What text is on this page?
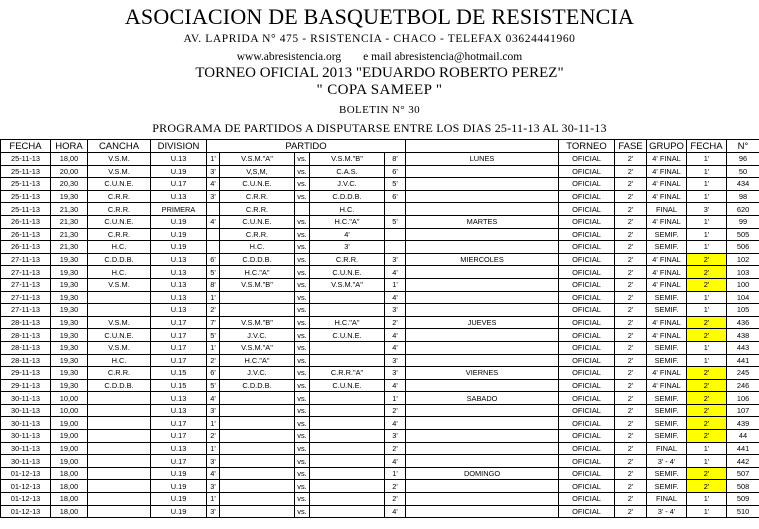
ASOCIACION DE BASQUETBOL DE RESISTENCIA
AV. LAPRIDA N° 475 - RSISTENCIA - CHACO - TELEFAX 03624441960
www.abresistencia.org e mail abresistencia@hotmail.com
TORNEO OFICIAL 2013 "EDUARDO ROBERTO PEREZ"
" COPA SAMEEP "
BOLETIN N° 30
PROGRAMA DE PARTIDOS A DISPUTARSE ENTRE LOS DIAS 25-11-13 AL 30-11-13
FECHA	HORA	CANCHA	DIVISION	PARTIDO						TORNEO	FASE	GRUPO	FECHA	N°
25-11-13	18,00	V.S.M.	U.13	1'	V.S.M."A"	vs.	V.S.M."B"	8'	LUNES	OFICIAL	2'	4' FINAL	1'	96
25-11-13	20,00	V.S.M.	U.19	3'	V,S,M,	vs.	C.A.S.	6'		OFICIAL	2'	4' FINAL	1'	50
25-11-13	20,30	C.U.N.E.	U.17	4'	C.U.N.E.	vs.	J.V.C.	5'		OFICIAL	2'	4' FINAL	1'	434
25-11-13	19,30	C.R.R.	U.13	3'	C.R.R.	vs.	C.D.D.B.	6'		OFICIAL	2'	4' FINAL	1'	98
25-11-13	21,30	C.R.R.	PRIMERA		C.R.R.		H.C.			OFICIAL	2'	FINAL	3'	620
26-11-13	21,30	C.U.N.E.	U.19	4'	C.U.N.E.	vs.	H.C."A"	5'	MARTES	OFICIAL	2'	4' FINAL	1'	99
26-11-13	21,30	C.R.R.	U.19		C.R.R.	vs.	4'			OFICIAL	2'	SEMIF.	1'	505
26-11-13	21,30	H.C.	U.19		H.C.	vs.	3'			OFICIAL	2'	SEMIF.	1'	506
27-11-13	19,30	C.D.D.B.	U.13	6'	C.D.D.B.	vs.	C.R.R.	3'	MIERCOLES	OFICIAL	2'	4' FINAL	2'	102
27-11-13	19,30	H.C.	U.13	5'	H.C."A"	vs.	C.U.N.E.	4'		OFICIAL	2'	4' FINAL	2'	103
27-11-13	19,30	V.S.M.	U.13	8'	V.S.M."B"	vs.	V.S.M."A"	1'		OFICIAL	2'	4' FINAL	2'	100
27-11-13	19,30		U.13	1'		vs.		4'		OFICIAL	2'	SEMIF.	1'	104
27-11-13	19,30		U.13	2'		vs.		3'		OFICIAL	2'	SEMIF.	1'	105
28-11-13	19,30	V.S.M.	U.17	7'	V.S.M."B"	vs.	H.C."A"	2'	JUEVES	OFICIAL	2'	4' FINAL	2'	436
28-11-13	19,30	C.U.N.E.	U.17	5'	J.V.C.	vs.	C.U.N.E.	4'		OFICIAL	2'	4' FINAL	2'	438
28-11-13	19,30	V.S.M.	U.17	1'	V.S.M."A"	vs.		4'		OFICIAL	2'	SEMIF.	1'	443
28-11-13	19,30	H.C.	U.17	2'	H.C."A"	vs.		3'		OFICIAL	2'	SEMIF.	1'	441
29-11-13	19,30	C.R.R.	U.15	6'	J.V.C.	vs.	C.R.R."A"	3'	VIERNES	OFICIAL	2'	4' FINAL	2'	245
29-11-13	19,30	C.D.D.B.	U.15	5'	C.D.D.B.	vs.	C.U.N.E.	4'		OFICIAL	2'	4' FINAL	2'	246
30-11-13	10,00		U.13	4'		vs.		1'	SABADO	OFICIAL	2'	SEMIF.	2'	106
30-11-13	10,00		U.13	3'		vs.		2'		OFICIAL	2'	SEMIF.	2'	107
30-11-13	19,00		U.17	1'		vs.		4'		OFICIAL	2'	SEMIF.	2'	439
30-11-13	19,00		U.17	2'		vs.		3'		OFICIAL	2'	SEMIF.	2'	44
30-11-13	19,00		U.13	1'		vs.		2'		OFICIAL	2'	FINAL	1'	441
30-11-13	19,00		U.17	3'		vs.		4'		OFICIAL	2'	3' - 4'	1'	442
01-12-13	18,00		U.19	4'		vs.		1'	DOMINGO	OFICIAL	2'	SEMIF.	2'	507
01-12-13	18,00		U.19	3'		vs.		2'		OFICIAL	2'	SEMIF.	2'	508
01-12-13	18,00		U.19	1'		vs.		2'		OFICIAL	2'	FINAL	1'	509
01-12-13	18,00		U.19	3'		vs.		4'		OFICIAL	2'	3' - 4'	1'	510
